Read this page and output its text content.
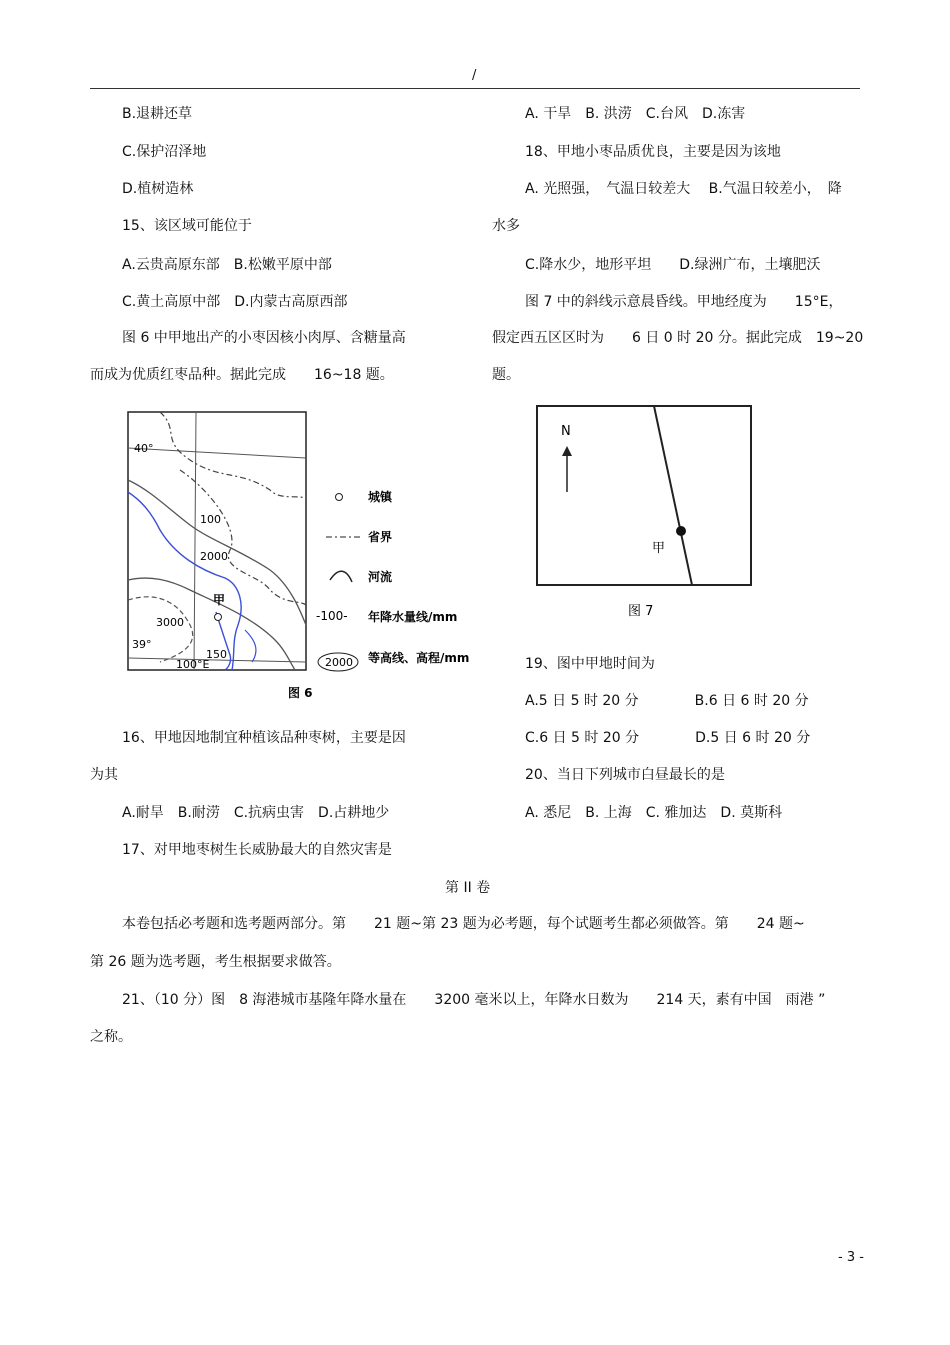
/
B.退耕还草
C.保护沼泽地
D.植树造林
15、该区域可能位于
A.云贵高原东部　B.松嫩平原中部
C.黄土高原中部　D.内蒙古高原西部
图 6 中甲地出产的小枣因核小肉厚、含糖量高
而成为优质红枣品种。据此完成　　16~18 题。
甲
40°
39°
100°E
100
2000
3000
150
城镇
省界
河流
-100- 年降水量线/mm
2000 等高线、高程/mm
图 6
16、甲地因地制宜种植该品种枣树，主要是因
为其
A.耐旱　B.耐涝　C.抗病虫害　D.占耕地少
17、对甲地枣树生长威胁最大的自然灾害是
A. 干旱　B. 洪涝　C.台风　D.冻害
18、甲地小枣品质优良，主要是因为该地
A. 光照强，　气温日较差大　 B.气温日较差小，　降
水多
C.降水少，地形平坦　　D.绿洲广布，土壤肥沃
图 7 中的斜线示意晨昏线。甲地经度为　　15°E，
假定西五区区时为　　6 日 0 时 20 分。据此完成　19~20
题。
甲
N
图 7
19、图中甲地时间为
A.5 日 5 时 20 分　　　　B.6 日 6 时 20 分
C.6 日 5 时 20 分　　　　D.5 日 6 时 20 分
20、当日下列城市白昼最长的是
A. 悉尼　B. 上海　C. 雅加达　D. 莫斯科
第 II 卷
本卷包括必考题和选考题两部分。第　　21 题~第 23 题为必考题，每个试题考生都必须做答。第　　24 题~
第 26 题为选考题，考生根据要求做答。
21、（10 分）图　8 海港城市基隆年降水量在　　3200 毫米以上，年降水日数为　　214 天，素有中国　雨港 ”
之称。
- 3 -
